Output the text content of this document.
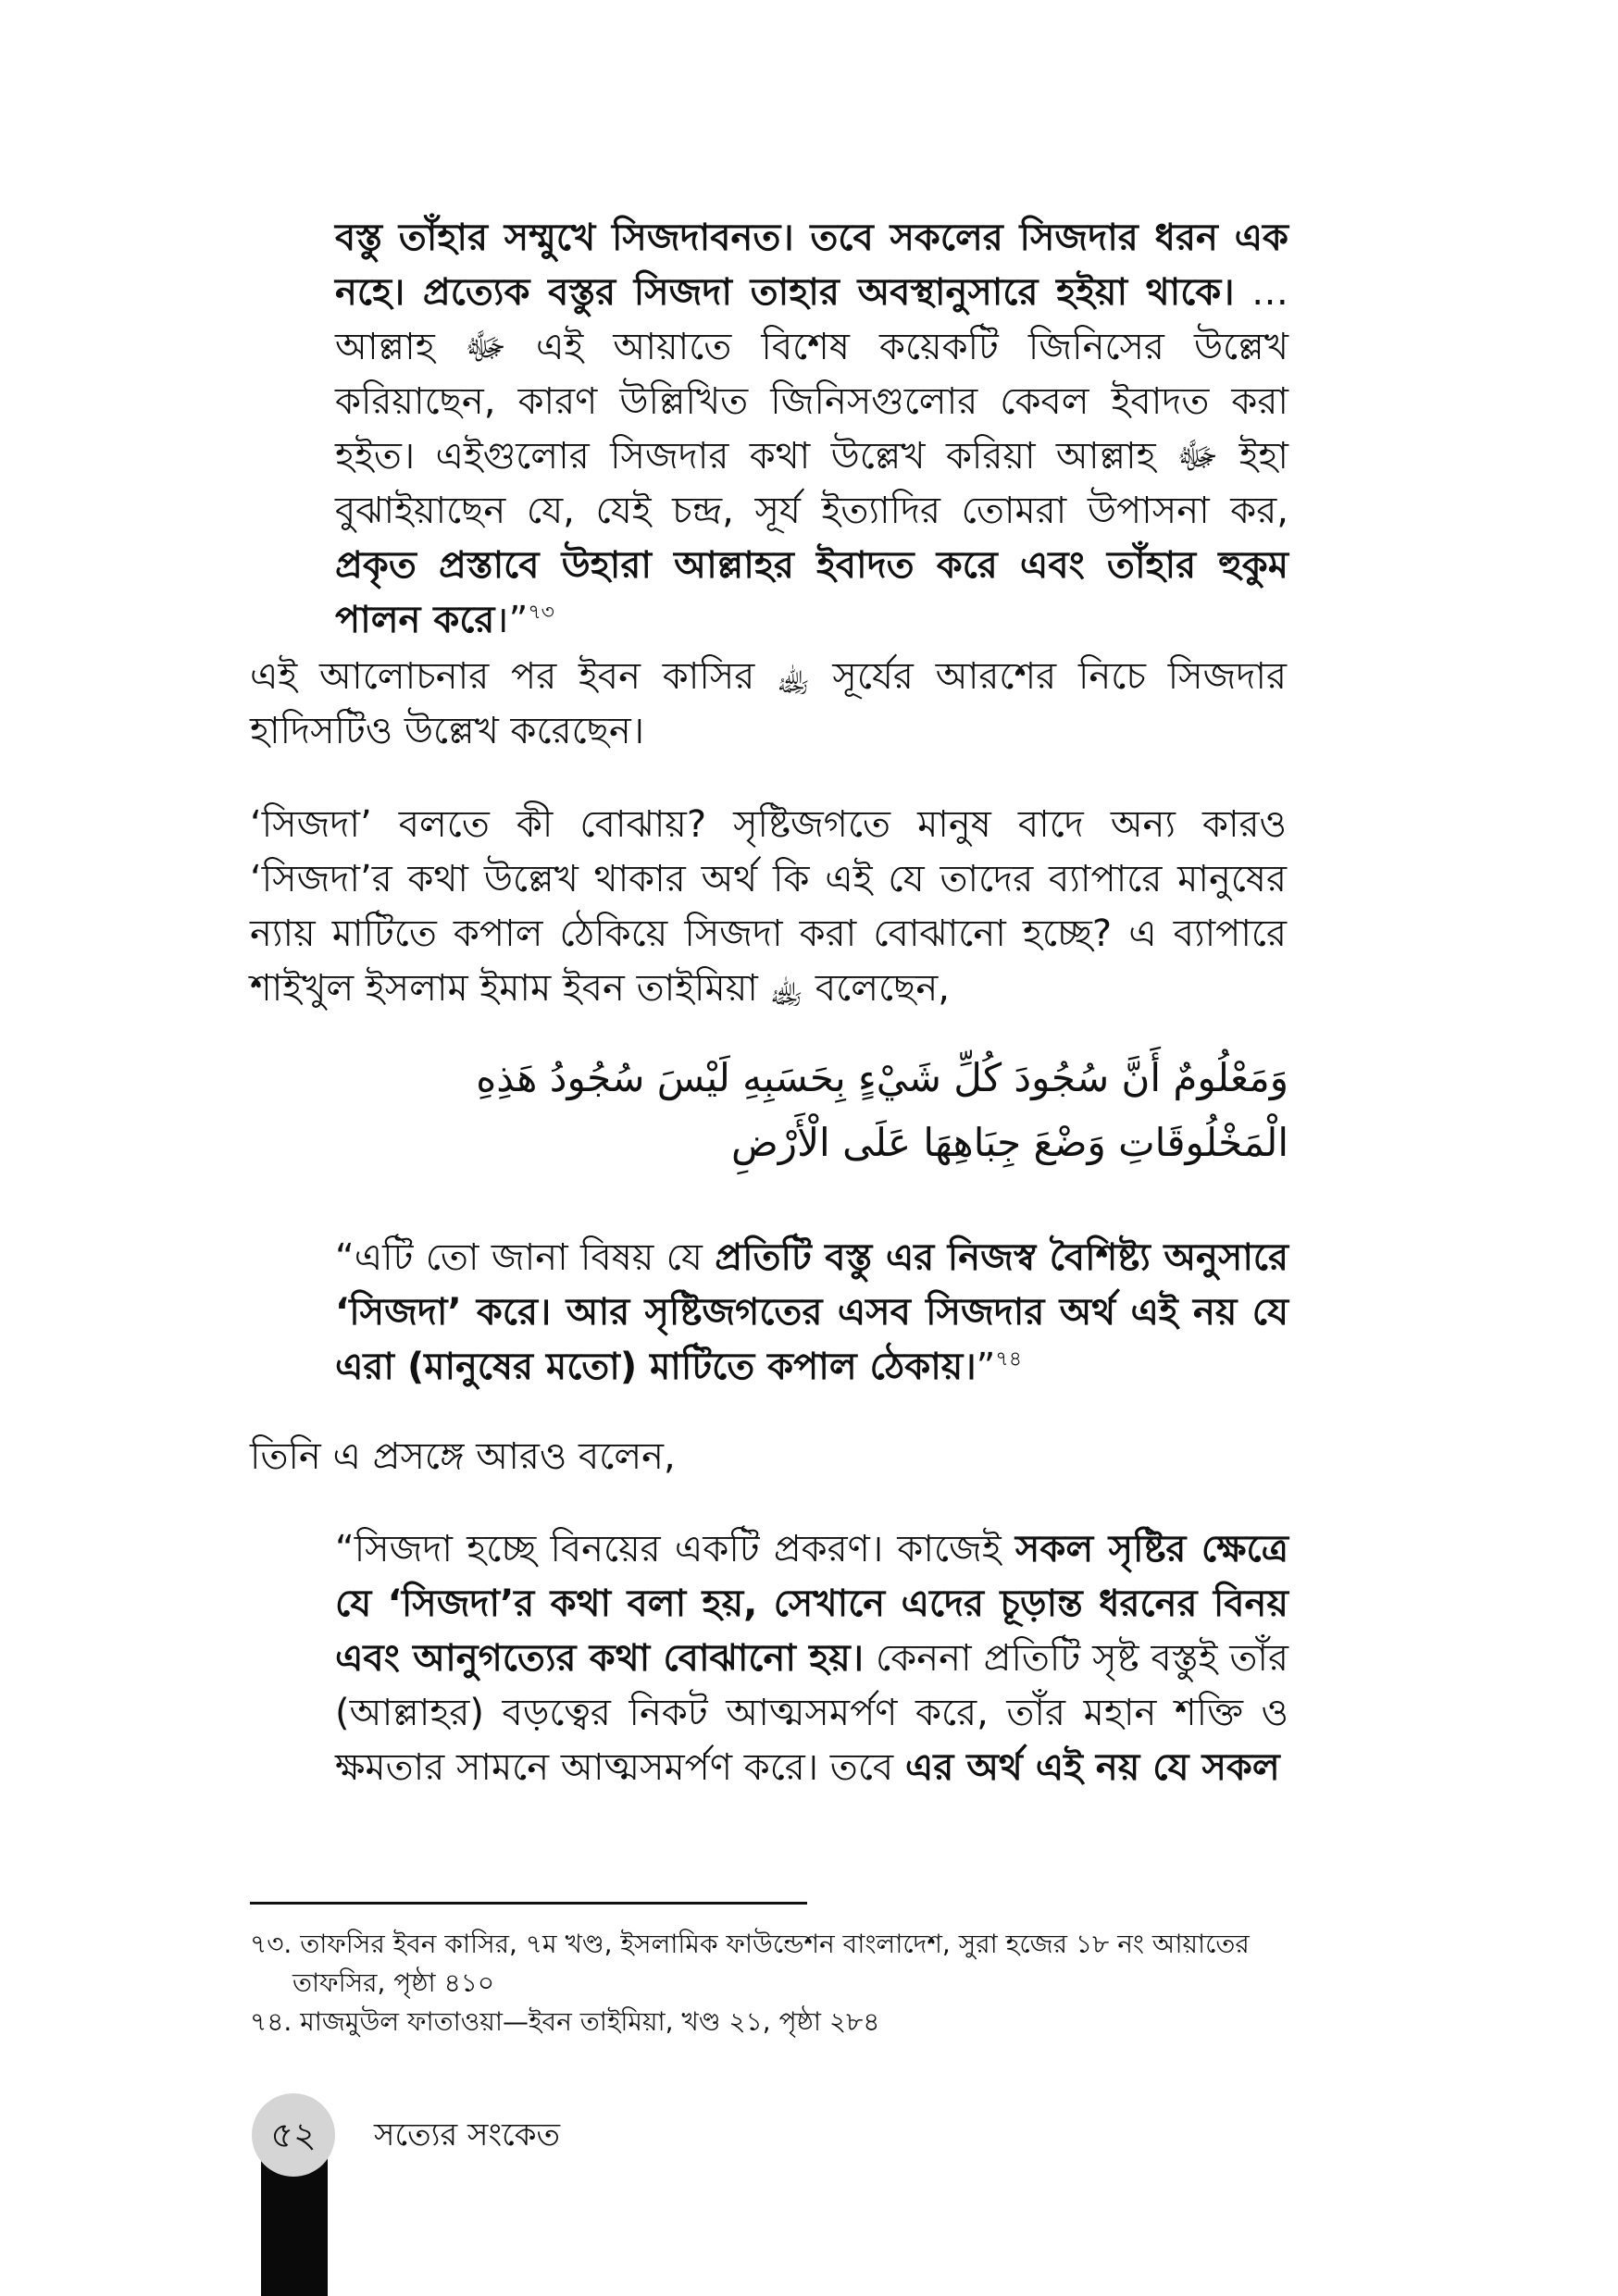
বস্তু তাঁহার সম্মুখে সিজদাবনত। তবে সকলের সিজদার ধরন এক নহে। প্রত্যেক বস্তুর সিজদা তাহার অবস্থানুসারে হইয়া থাকে। … আল্লাহ ﷻ এই আয়াতে বিশেষ কয়েকটি জিনিসের উল্লেখ করিয়াছেন, কারণ উল্লিখিত জিনিসগুলোর কেবল ইবাদত করা হইত। এইগুলোর সিজদার কথা উল্লেখ করিয়া আল্লাহ ﷻ ইহা বুঝাইয়াছেন যে, যেই চন্দ্র, সূর্য ইত্যাদির তোমরা উপাসনা কর, প্রকৃত প্রস্তাবে উহারা আল্লাহর ইবাদত করে এবং তাঁহার হুকুম পালন করে।”$^{৭৩}$

এই আলোচনার পর ইবন কাসির ﵀ সূর্যের আরশের নিচে সিজদার হাদিসটিও উল্লেখ করেছেন।

‘সিজদা’ বলতে কী বোঝায়? সৃষ্টিজগতে মানুষ বাদে অন্য কারও ‘সিজদা’র কথা উল্লেখ থাকার অর্থ কি এই যে তাদের ব্যাপারে মানুষের ন্যায় মাটিতে কপাল ঠেকিয়ে সিজদা করা বোঝানো হচ্ছে? এ ব্যাপারে শাইখুল ইসলাম ইমাম ইবন তাইমিয়া ﵀ বলেছেন,

وَمَعْلُومٌ أَنَّ سُجُودَ كُلِّ شَيْءٍ بِحَسَبِهِ لَيْسَ سُجُودُ هَذِهِ الْمَخْلُوقَاتِ وَضْعَ جِبَاهِهَا عَلَى الْأَرْضِ

“এটি তো জানা বিষয় যে প্রতিটি বস্তু এর নিজস্ব বৈশিষ্ট্য অনুসারে ‘সিজদা’ করে। আর সৃষ্টিজগতের এসব সিজদার অর্থ এই নয় যে এরা (মানুষের মতো) মাটিতে কপাল ঠেকায়।”$^{৭৪}$

তিনি এ প্রসঙ্গে আরও বলেন,

“সিজদা হচ্ছে বিনয়ের একটি প্রকরণ। কাজেই সকল সৃষ্টির ক্ষেত্রে যে ‘সিজদা’র কথা বলা হয়, সেখানে এদের চূড়ান্ত ধরনের বিনয় এবং আনুগত্যের কথা বোঝানো হয়। কেননা প্রতিটি সৃষ্ট বস্তুই তাঁর (আল্লাহর) বড়ত্বের নিকট আত্মসমর্পণ করে, তাঁর মহান শক্তি ও ক্ষমতার সামনে আত্মসমর্পণ করে। তবে এর অর্থ এই নয় যে সকল

৭৩. তাফসির ইবন কাসির, ৭ম খণ্ড, ইসলামিক ফাউন্ডেশন বাংলাদেশ, সুরা হজের ১৮ নং আয়াতের
তাফসির, পৃষ্ঠা ৪১০

৭৪. মাজমুউল ফাতাওয়া—ইবন তাইমিয়া, খণ্ড ২১, পৃষ্ঠা ২৮৪

৫২	সত্যের সংকেত
